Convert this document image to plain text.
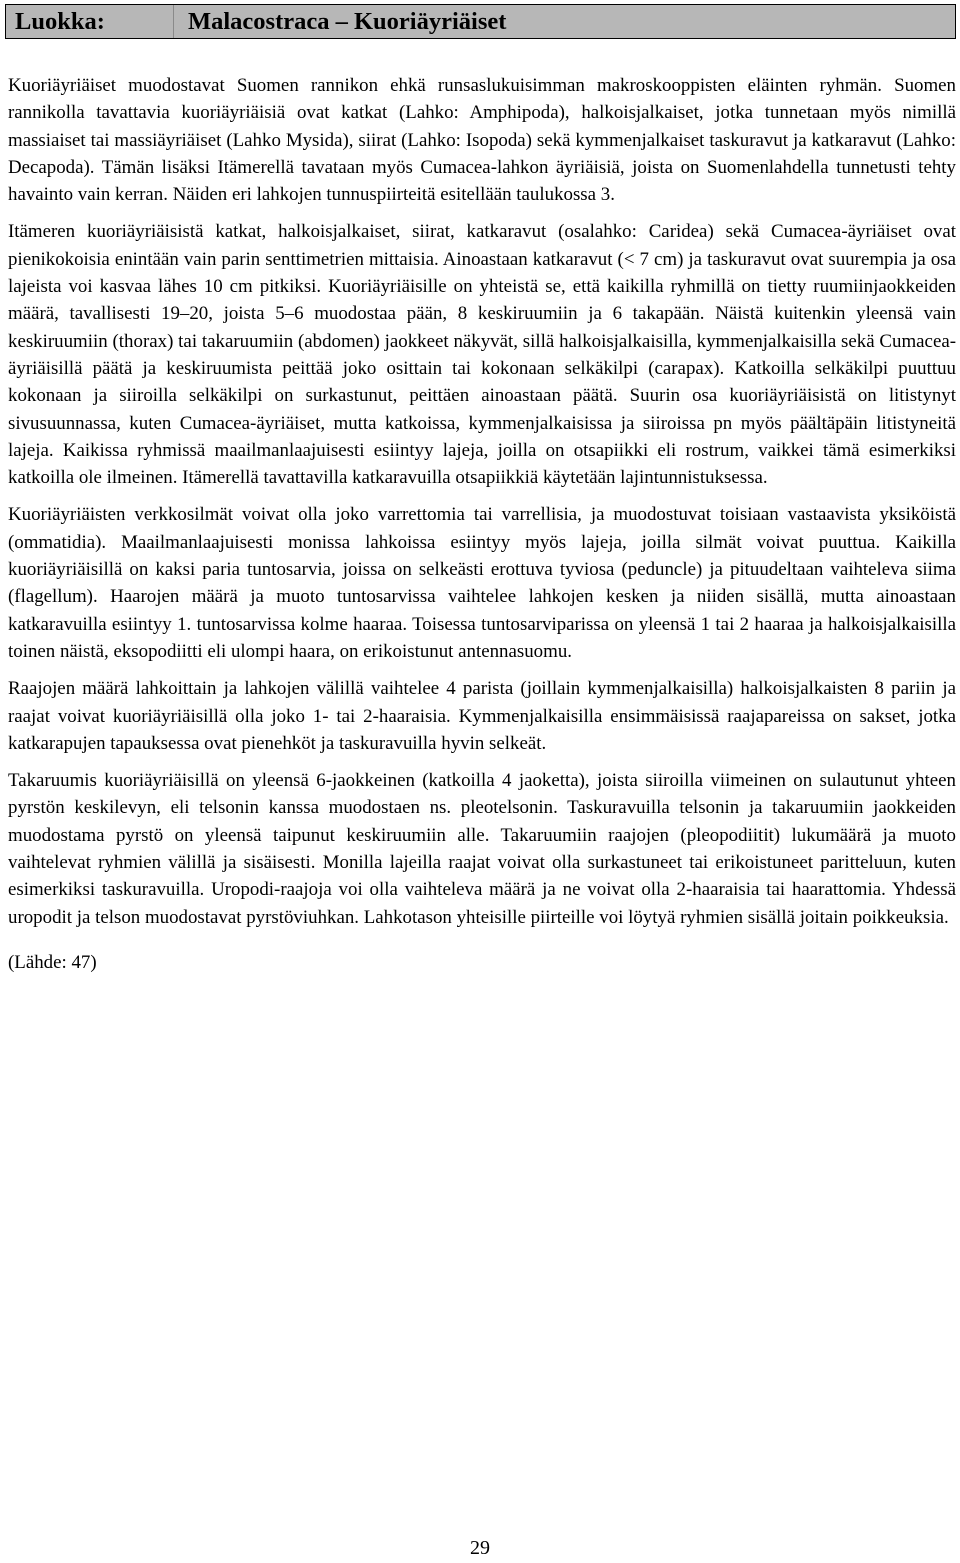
Luokka:	Malacostraca – Kuoriäyriäiset

Kuoriäyriäiset muodostavat Suomen rannikon ehkä runsaslukuisimman makroskooppisten eläinten ryhmän. Suomen rannikolla tavattavia kuoriäyriäisiä ovat katkat (Lahko: Amphipoda), halkoisjalkaiset, jotka tunnetaan myös nimillä massiaiset tai massiäyriäiset (Lahko Mysida), siirat (Lahko: Isopoda) sekä kymmenjalkaiset taskuravut ja katkaravut (Lahko: Decapoda). Tämän lisäksi Itämerellä tavataan myös Cumacea-lahkon äyriäisiä, joista on Suomenlahdella tunnetusti tehty havainto vain kerran. Näiden eri lahkojen tunnuspiirteitä esitellään taulukossa 3.

Itämeren kuoriäyriäisistä katkat, halkoisjalkaiset, siirat, katkaravut (osalahko: Caridea) sekä Cumacea-äyriäiset ovat pienikokoisia enintään vain parin senttimetrien mittaisia. Ainoastaan katkaravut (< 7 cm) ja taskuravut ovat suurempia ja osa lajeista voi kasvaa lähes 10 cm pitkiksi. Kuoriäyriäisille on yhteistä se, että kaikilla ryhmillä on tietty ruumiinjaokkeiden määrä, tavallisesti 19–20, joista 5–6 muodostaa pään, 8 keskiruumiin ja 6 takapään. Näistä kuitenkin yleensä vain keskiruumiin (thorax) tai takaruumiin (abdomen) jaokkeet näkyvät, sillä halkoisjalkaisilla, kymmenjalkaisilla sekä Cumacea-äyriäisillä päätä ja keskiruumista peittää joko osittain tai kokonaan selkäkilpi (carapax). Katkoilla selkäkilpi puuttuu kokonaan ja siiroilla selkäkilpi on surkastunut, peittäen ainoastaan päätä. Suurin osa kuoriäyriäisistä on litistynyt sivusuunnassa, kuten Cumacea-äyriäiset, mutta katkoissa, kymmenjalkaisissa ja siiroissa pn myös päältäpäin litistyneitä lajeja. Kaikissa ryhmissä maailmanlaajuisesti esiintyy lajeja, joilla on otsapiikki eli rostrum, vaikkei tämä esimerkiksi katkoilla ole ilmeinen. Itämerellä tavattavilla katkaravuilla otsapiikkiä käytetään lajintunnistuksessa.

Kuoriäyriäisten verkkosilmät voivat olla joko varrettomia tai varrellisia, ja muodostuvat toisiaan vastaavista yksiköistä (ommatidia). Maailmanlaajuisesti monissa lahkoissa esiintyy myös lajeja, joilla silmät voivat puuttua. Kaikilla kuoriäyriäisillä on kaksi paria tuntosarvia, joissa on selkeästi erottuva tyviosa (peduncle) ja pituudeltaan vaihteleva siima (flagellum). Haarojen määrä ja muoto tuntosarvissa vaihtelee lahkojen kesken ja niiden sisällä, mutta ainoastaan katkaravuilla esiintyy 1. tuntosarvissa kolme haaraa. Toisessa tuntosarviparissa on yleensä 1 tai 2 haaraa ja halkoisjalkaisilla toinen näistä, eksopodiitti eli ulompi haara, on erikoistunut antennasuomu.

Raajojen määrä lahkoittain ja lahkojen välillä vaihtelee 4 parista (joillain kymmenjalkaisilla) halkoisjalkaisten 8 pariin ja raajat voivat kuoriäyriäisillä olla joko 1- tai 2-haaraisia. Kymmenjalkaisilla ensimmäisissä raajapareissa on sakset, jotka katkarapujen tapauksessa ovat pienehköt ja taskuravuilla hyvin selkeät.

Takaruumis kuoriäyriäisillä on yleensä 6-jaokkeinen (katkoilla 4 jaoketta), joista siiroilla viimeinen on sulautunut yhteen pyrstön keskilevyn, eli telsonin kanssa muodostaen ns. pleotelsonin. Taskuravuilla telsonin ja takaruumiin jaokkeiden muodostama pyrstö on yleensä taipunut keskiruumiin alle. Takaruumiin raajojen (pleopodiitit) lukumäärä ja muoto vaihtelevat ryhmien välillä ja sisäisesti. Monilla lajeilla raajat voivat olla surkastuneet tai erikoistuneet paritteluun, kuten esimerkiksi taskuravuilla. Uropodi-raajoja voi olla vaihteleva määrä ja ne voivat olla 2-haaraisia tai haarattomia. Yhdessä uropodit ja telson muodostavat pyrstöviuhkan. Lahkotason yhteisille piirteille voi löytyä ryhmien sisällä joitain poikkeuksia.

(Lähde: 47)

29
